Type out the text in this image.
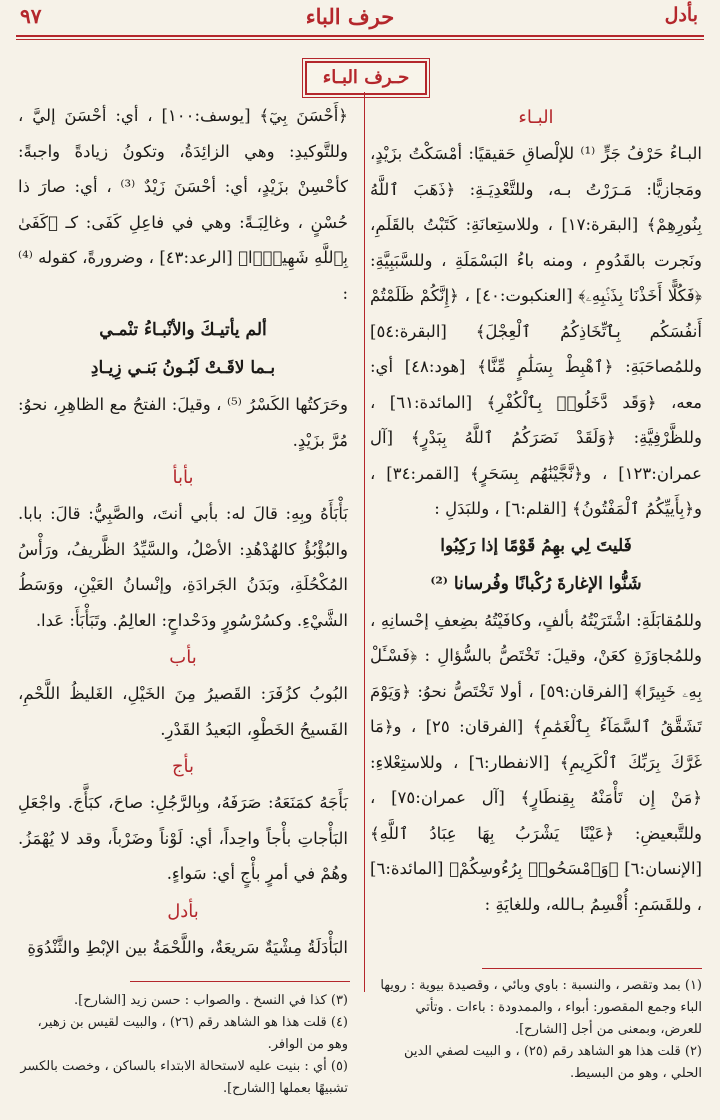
٩٧	حرف الباء	بأدل
حـرف البـاء
البـاء

البـاءُ حَرْفُ جَرٍّ ⁽¹⁾ للإلْصاقِ حَقيقيًا: أمْسَكْتُ بزَيْدٍ، ومَجازيًّا: مَـرَرْتُ بـه، وللتَّعْدِيَـةِ: ﴿ذَهَبَ ٱللَّهُ بِنُورِهِمْ﴾ [البقرة:١٧] ، وللاستِعانَةِ: كَتَبْتُ بالقَلَمِ، ونَجرت بالقَدُومِ ، ومنه باءُ البَسْمَلَةِ ، وللسَّبَبِيَّةِ: ﴿فَكُلًّا أَخَذْنَا بِذَنۢبِهِۦ﴾ [العنكبوت:٤٠] ، ﴿إِنَّكُمْ ظَلَمْتُمْ أَنفُسَكُم بِٱتِّخَاذِكُمُ ٱلْعِجْلَ﴾ [البقرة:٥٤] وللمُصاحَبَةِ: ﴿ٱهْبِطْ بِسَلَٰمٍ مِّنَّا﴾ [هود:٤٨] أي: معه، ﴿وَقَد دَّخَلُوا۟ بِٱلْكُفْرِ﴾ [المائدة:٦١] ، وللظَّرْفِيَّةِ: ﴿وَلَقَدْ نَصَرَكُمُ ٱللَّهُ بِبَدْرٍ﴾ [آل عمران:١٢٣] ، و﴿نَّجَّيْنَٰهُم بِسَحَرٍ﴾ [القمر:٣٤] ، و﴿بِأَييِّكُمُ ٱلْمَفْتُونُ﴾ [القلم:٦] ، وللبَدَلِ :

فَليتَ لِي بهِمُ قَوْمًا إذا رَكِبُوا
شَنُّوا الإغارةَ رُكْبانًا وفُرسانا ⁽²⁾

وللمُقابَلَةِ: اشْتَرَيْتُهُ بألفٍ، وكافَيْتُهُ بضِعفِ إحْسانِهِ ، وللمُجاوَزَةِ كعَنْ، وقيلَ: تَخْتَصُّ بالسُّؤالِ : ﴿فَسْـَٔلْ بِهِۦ خَبِيرًا﴾ [الفرقان:٥٩] ، أولا تَخْتَصُّ نحوُ: ﴿وَيَوْمَ تَشَقَّقُ ٱلسَّمَآءُ بِٱلْغَمَٰمِ﴾ [الفرقان: ٢٥] ، و﴿مَا غَرَّكَ بِرَبِّكَ ٱلْكَرِيمِ﴾ [الانفطار:٦] ، وللاستِعْلاءِ: ﴿مَنْ إِن تَأْمَنْهُ بِقِنطَارٍ﴾ [آل عمران:٧٥] ، وللتَّبعيضِ: ﴿عَيْنًا يَشْرَبُ بِهَا عِبَادُ ٱللَّهِ﴾ [الإنسان:٦] ﴿وَٱمْسَحُوا۟ بِرُءُوسِكُمْ﴾ [المائدة:٦] ، وللقَسَمِ: أُقْسِمُ بـالله، وللغايَةِ :

(١) بمد وتقصر ، والنسبة : باوي وبائي ، وقصيدة بيوية : رويها الباء وجمع المقصور: أبواء ، والممدودة : باءات . وتأتي للعرض، وبمعنى من أجل [الشارح].

(٢) قلت هذا هو الشاهد رقم (٢٥) ، و البيت لصفي الدين الحلي ، وهو من البسيط.

﴿أَحْسَنَ بِيٓ﴾ [يوسف:١٠٠] ، أي: أحْسَنَ إليَّ ، وللتَّوكيدِ: وهي الزائِدَةُ، وتكونُ زيادةً واجبةً: كأحْسِنْ بزَيْدٍ، أي: أحْسَنَ زَيْدٌ ⁽³⁾ ، أي: صارَ ذا حُسْنٍ ، وغالِبَـةً: وهي في فاعِلِ كَفَى: كـ ﴿كَفَىٰ بِٱللَّهِ شَهِيدًۢا﴾ [الرعد:٤٣] ، وضرورةً، كقوله ⁽⁴⁾ :

ألم يأتيـكَ والأنْبـاءُ تنْمـي
بـما لاقَـتْ لَبُـونُ بَنـي زِيـادِ

وحَرَكتُها الكَسْرُ ⁽⁵⁾ ، وقيلَ: الفتحُ مع الظاهِرِ، نحوُ: مُرَّ بزَيْدٍ.

بأبأ

بَأْبَأَهُ وبِهِ: قالَ له: بأبي أنتَ، والصَّبِيُّ: قالَ: بابا. والبُؤْبُؤُ كالهُدْهُدِ: الأصْلُ، والسَّيِّدُ الظَّريفُ، ورَأْسُ المُكْحُلَةِ، وبَدَنُ الجَرادَةِ، وإنْسانُ العَيْنِ، ووَسَطُ الشَّيْءِ. وكسُرْسُورٍ ودَحْداحٍ: العالِمُ. وتَبَأْبَأَ: عَدا.

بأب

البُوبُ كزُفَرَ: القَصيرُ مِنَ الخَيْلِ، الغَليظُ اللَّحْمِ، الفَسيحُ الخَطْوِ، البَعيدُ القَدْرِ.

بأج

بَأَجَهُ كمَنَعَهُ: صَرَفَهُ، وبِالرَّجُلِ: صاحَ، كبَأَّجَ. واجْعَلِ البَأْجاتِ بأْجاً واحِداً، أي: لَوْناً وضَرْباً، وقد لا يُهْمَزُ. وهُمْ في أمرٍ بأْجٍ أي: سَواءٍ.

بأدل

البَأْدَلَةُ مِشْيَةٌ سَريعَةٌ، واللَّحْمَةُ بين الإبْطِ والثَّنْدُوَةِ

(٣) كذا في النسخ . والصواب : حسن زيد [الشارح].

(٤) قلت هذا هو الشاهد رقم (٢٦) ، والبيت لقيس بن زهير، وهو من الوافر.

(٥) أي : بنيت عليه لاستحالة الابتداء بالساكن ، وخصت بالكسر تشبيهًا بعملها [الشارح].
